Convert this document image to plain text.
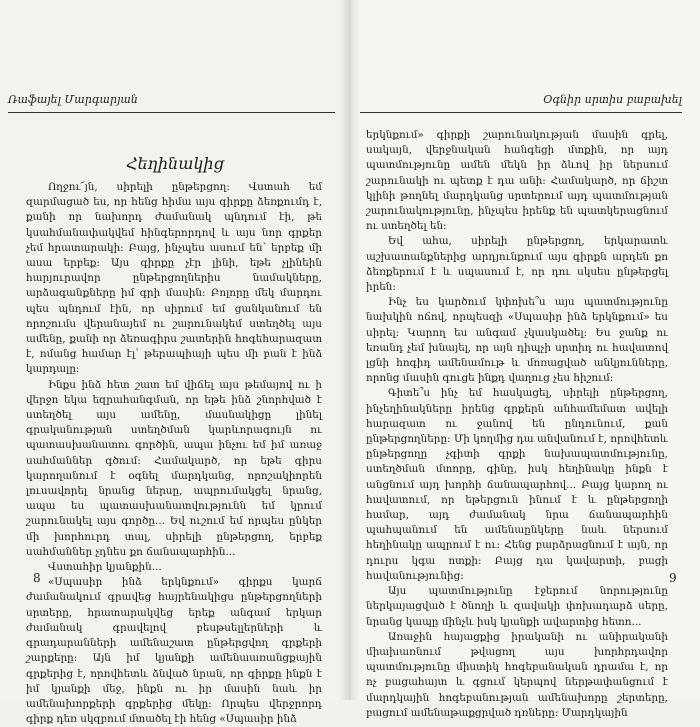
Ռաֆայել Մարգարյան
Հեղինակից

Ողջու՜յն, սիրելի ընթերցող: Վստահ եմ զարմացած ես, որ հենց հիմա այս գիրքը ձեռքումդ է, քանի որ նախորդ ժամանակ պնդում էի, թե կսահմանափակվեմ հինգերորդով և այս նոր գրքեր չեմ հրատարակի: Բայց, ինչպես ասում են՝ երբեք մի ասա երբեք: Այս գիրքը չէր լինի, եթե չլինեին հարյուրավոր ընթերցողներիս նամակները, արձագանքները իմ գրի մասին: Բոլորը մեկ մարդու պես պնդում էին, որ սիրում եմ ցանկանում են որոշումս վերանայեմ ու շարունակեմ ստեղծել այս ամենը, քանի որ ձեռագիրս շատերին հոգեհարազատ է, ոմանց համար էլ՝ թերապիայի պես մի բան է ինձ կարդալը:

Ինքս ինձ հետ շատ եմ վիճել այս թեմայով ու ի վերջո եկա եզրահանգման, որ եթե ինձ շնորհված է ստեղծել այս ամենը, մասնակիցը լինել գրականության ստեղծման կարևորագույն ու պատասխանատու գործին, ապա ինչու եմ իմ առաջ սահմաններ գծում: Համակարծ, որ եթե գիրս կարողանում է օգնել մարդկանց, որոշակիորեն լուսավորել նրանց ներսը, ապրումակցել նրանց, ապա ես պատասխանատվությունն եմ կրում շարունակել այս գործը... Եվ ուշում եմ որպես ընկեր մի խորհուրդ տալ, սիրելի ընթերցող, երբեք սահմաններ չդնես քո ճանապարհին...

Վստահիր կյանքին...

«Սպասիր ինձ երկնքում» գիրքս կարճ ժամանակում գրավեց հայրենակիցս ընթերցողների սրտերը, հրատարակվեց երեք անգամ երկար ժամանակ գրավելով բեսթսելլերների և գրադարանների ամենաշատ ընթերցվող գրքերի շարքերը: Այն իմ կյանքի ամենաառանցքային գրքերից է, որովհետև ձնված նրան, որ գիրքը ինքն է իմ կյանքի մեջ, ինքն ու իր մասին նաև իր ամենախորքերի գրքերից մեկը: Որպես վերջրորդ գիրք դեռ սկզբում մտածել էի հենց «Սպասիր ինձ

8
Օգնիր սրտիս բաբախել

երկնքում» գիրքի շարունակության մասին գրել, սակայն, վերջնական հանգեցի մտքին, որ այդ պատմությունը ամեն մեկն իր ձևով իր ներսում շարունակի ու պետք է դա անի: Համակարծ, որ ճիշտ կլինի թողնել մարդկանց սրտերում այդ պատմության շարունակությունը, ինչպես իրենք են պատկերացնում ու ստեղծել են:

Եվ ահա, սիրելի ընթերցող, երկարատև աշխատանքներից արդյունքում այս գիրքն արդեն քո ձեռքերում է և սպասում է, որ դու սկսես ընթերցել իրեն:

Ինչ ես կարծում կփոխե՞ս այս պատմությունը նախկին ոճով, որպեսզի «Սպասիր ինձ երկնքում» ես սիրել: Կարող ես անգամ չկասկածել: Ես ջանք ու եռանդ չեմ խնայել, որ այն դիպչի սրտիդ ու հավատով լցնի հոգիդ ամենամութ և մոռացված անկյունները, որոնց մասին գուցե ինքդ վաղուց չես հիշում:

Գիտե՞ս ինչ եմ հասկացել, սիրելի ընթերցող, ինչեղինակները իրենց գրքերն անհամեմատ ավելի հարազատ ու ջանով են ընդունում, քան ընթերցողները: Մի կողմից դա անվանում է, որովհետև ընթերցողը չգիտի գրքի նախապատմությունը, ստեղծման մտորը, գինը, իսկ հեղինակը ինքն է անցնում այդ խորհի ճանապարհով... Բայց կարող ու հավատում, որ եթերցուն ինում է և ընթերցողի համար, այդ ժամանակ նրա ճանապարհին պահպանում են ամենաընկերը նաև ներսում հեղինակը ապրում է ու: Հենց բարձրացնում է այն, որ դուրս կգա ոտքի: Բայց դա կավարտի, բացի հավանությունից:

Այս պատմությունը էջերում նորությունը ներկայացված է ծնողի և զավակի փոխադարձ սերը, նրանց կապը մինչև իսկ կյանքի ավարտից հետո...

Առաջին հայացքից իրականի ու անիրականի միախառնում թվացող այս խորհրդավոր պատմությունը միստիկ հոգեբանական դրամա է, որ ոչ բացահայտ և գցում կերպով ներթափանցում է մարդկային հոգեբանության ամենախորը շերտերը, բացում ամենաթաքցրված դռները: Մարդկային

9
